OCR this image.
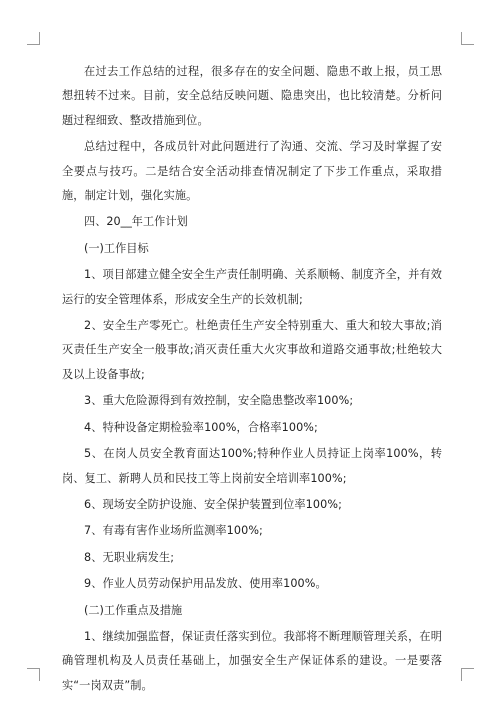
在过去工作总结的过程，很多存在的安全问题、隐患不敢上报，员工思想扭转不过来。目前，安全总结反映问题、隐患突出，也比较清楚。分析问题过程细致、整改措施到位。

总结过程中，各成员针对此问题进行了沟通、交流、学习及时掌握了安全要点与技巧。二是结合安全活动排查情况制定了下步工作重点，采取措施，制定计划，强化实施。

四、20__年工作计划

(一)工作目标

1、项目部建立健全安全生产责任制明确、关系顺畅、制度齐全，并有效运行的安全管理体系，形成安全生产的长效机制;

2、安全生产零死亡。杜绝责任生产安全特别重大、重大和较大事故;消灭责任生产安全一般事故;消灭责任重大火灾事故和道路交通事故;杜绝较大及以上设备事故;

3、重大危险源得到有效控制，安全隐患整改率100%;

4、特种设备定期检验率100%，合格率100%;

5、在岗人员安全教育面达100%;特种作业人员持证上岗率100%，转岗、复工、新聘人员和民技工等上岗前安全培训率100%;

6、现场安全防护设施、安全保护装置到位率100%;

7、有毒有害作业场所监测率100%;

8、无职业病发生;

9、作业人员劳动保护用品发放、使用率100%。

(二)工作重点及措施

1、继续加强监督，保证责任落实到位。我部将不断理顺管理关系，在明确管理机构及人员责任基础上，加强安全生产保证体系的建设。一是要落实“一岗双责”制。
